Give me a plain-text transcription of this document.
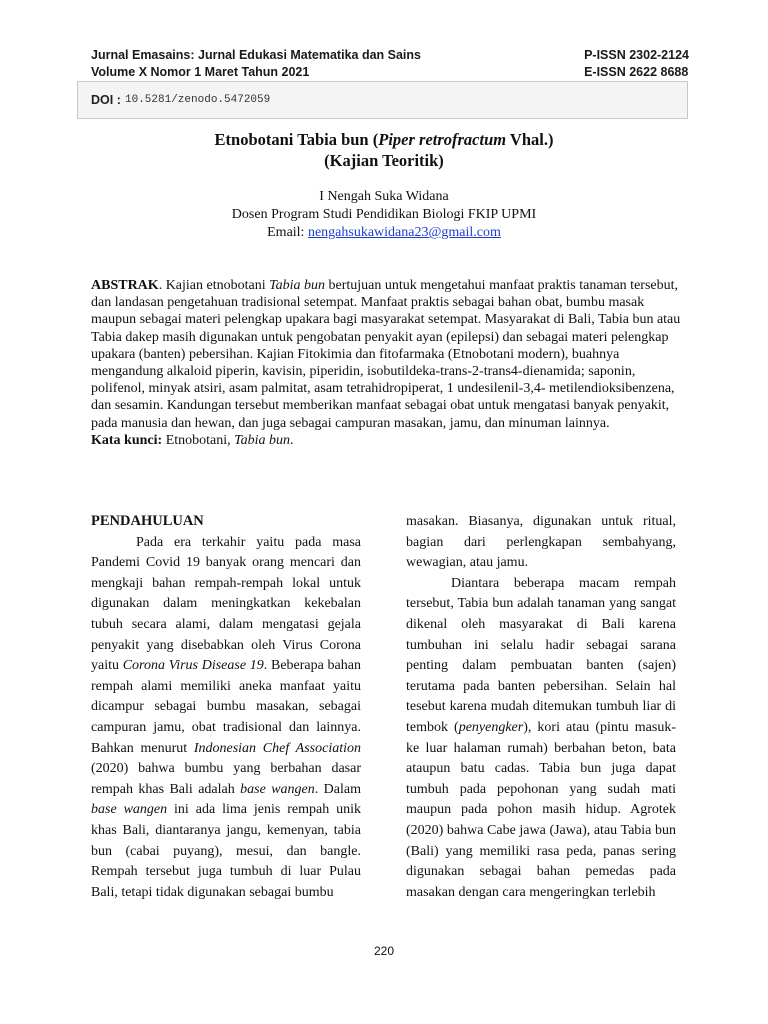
Jurnal Emasains: Jurnal Edukasi Matematika dan Sains
Volume X Nomor 1 Maret Tahun 2021
P-ISSN 2302-2124
E-ISSN 2622 8688
DOI : 10.5281/zenodo.5472059
Etnobotani Tabia bun (Piper retrofractum Vhal.)
(Kajian Teoritik)
I Nengah Suka Widana
Dosen Program Studi Pendidikan Biologi FKIP UPMI
Email: nengahsukawidana23@gmail.com
ABSTRAK. Kajian etnobotani Tabia bun bertujuan untuk mengetahui manfaat praktis tanaman tersebut, dan landasan pengetahuan tradisional setempat. Manfaat praktis sebagai bahan obat, bumbu masak maupun sebagai materi pelengkap upakara bagi masyarakat setempat. Masyarakat di Bali, Tabia bun atau Tabia dakep masih digunakan untuk pengobatan penyakit ayan (epilepsi) dan sebagai materi pelengkap upakara (banten) pebersihan. Kajian Fitokimia dan fitofarmaka (Etnobotani modern), buahnya mengandung alkaloid piperin, kavisin, piperidin, isobutildeka-trans-2-trans4-dienamida; saponin, polifenol, minyak atsiri, asam palmitat, asam tetrahidropiperat, 1 undesilenil-3,4- metilendioksibenzena, dan sesamin. Kandungan tersebut memberikan manfaat sebagai obat untuk mengatasi banyak penyakit, pada manusia dan hewan, dan juga sebagai campuran masakan, jamu, dan minuman lainnya.
Kata kunci: Etnobotani, Tabia bun.
PENDAHULUAN

Pada era terkahir yaitu pada masa Pandemi Covid 19 banyak orang mencari dan mengkaji bahan rempah-rempah lokal untuk digunakan dalam meningkatkan kekebalan tubuh secara alami, dalam mengatasi gejala penyakit yang disebabkan oleh Virus Corona yaitu Corona Virus Disease 19. Beberapa bahan rempah alami memiliki aneka manfaat yaitu dicampur sebagai bumbu masakan, sebagai campuran jamu, obat tradisional dan lainnya. Bahkan menurut Indonesian Chef Association (2020) bahwa bumbu yang berbahan dasar rempah khas Bali adalah base wangen. Dalam base wangen ini ada lima jenis rempah unik khas Bali, diantaranya jangu, kemenyan, tabia bun (cabai puyang), mesui, dan bangle. Rempah tersebut juga tumbuh di luar Pulau Bali, tetapi tidak digunakan sebagai bumbu

masakan. Biasanya, digunakan untuk ritual, bagian dari perlengkapan sembahyang, wewagian, atau jamu.

Diantara beberapa macam rempah tersebut, Tabia bun adalah tanaman yang sangat dikenal oleh masyarakat di Bali karena tumbuhan ini selalu hadir sebagai sarana penting dalam pembuatan banten (sajen) terutama pada banten pebersihan. Selain hal tesebut karena mudah ditemukan tumbuh liar di tembok (penyengker), kori atau (pintu masuk-ke luar halaman rumah) berbahan beton, bata ataupun batu cadas. Tabia bun juga dapat tumbuh pada pepohonan yang sudah mati maupun pada pohon masih hidup. Agrotek (2020) bahwa Cabe jawa (Jawa), atau Tabia bun (Bali) yang memiliki rasa peda, panas sering digunakan sebagai bahan pemedas pada masakan dengan cara mengeringkan terlebih

220
